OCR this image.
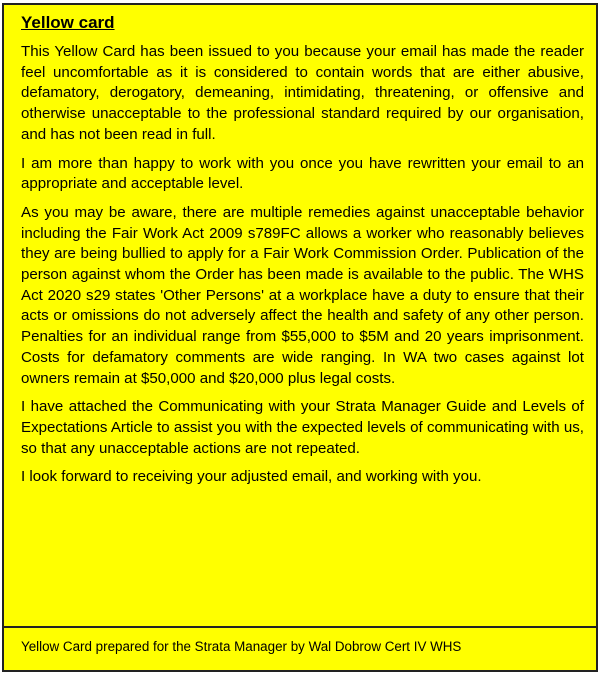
Yellow card

This Yellow Card has been issued to you because your email has made the reader feel uncomfortable as it is considered to contain words that are either abusive, defamatory, derogatory, demeaning, intimidating, threatening, or offensive and otherwise unacceptable to the professional standard required by our organisation, and has not been read in full.

I am more than happy to work with you once you have rewritten your email to an appropriate and acceptable level.

As you may be aware, there are multiple remedies against unacceptable behavior including the Fair Work Act 2009 s789FC allows a worker who reasonably believes they are being bullied to apply for a Fair Work Commission Order. Publication of the person against whom the Order has been made is available to the public. The WHS Act 2020 s29 states 'Other Persons' at a workplace have a duty to ensure that their acts or omissions do not adversely affect the health and safety of any other person. Penalties for an individual range from $55,000 to $5M and 20 years imprisonment. Costs for defamatory comments are wide ranging. In WA two cases against lot owners remain at $50,000 and $20,000 plus legal costs.

I have attached the Communicating with your Strata Manager Guide and Levels of Expectations Article to assist you with the expected levels of communicating with us, so that any unacceptable actions are not repeated.

I look forward to receiving your adjusted email, and working with you.

Yellow Card prepared for the Strata Manager by Wal Dobrow Cert IV WHS
